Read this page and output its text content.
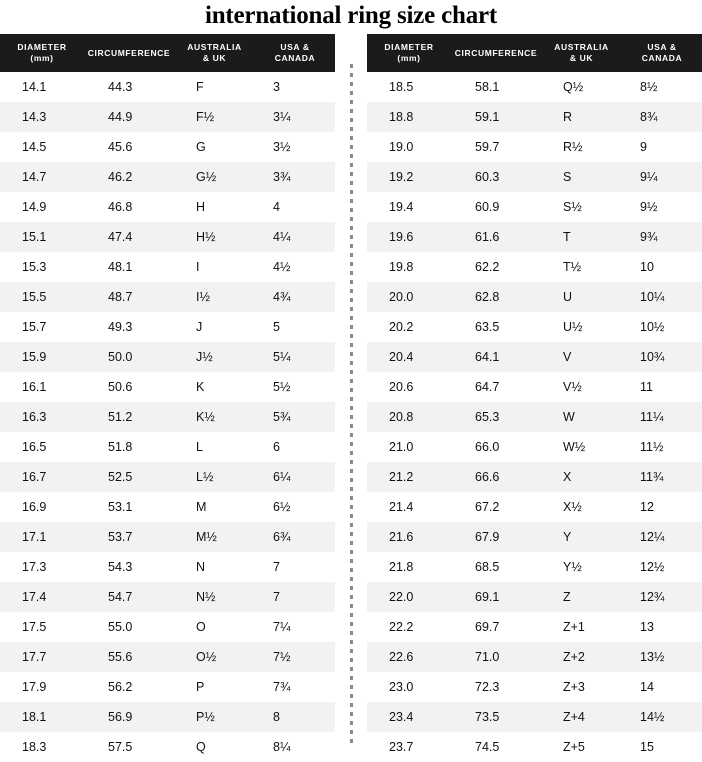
international ring size chart
DIAMETER
(mm)	CIRCUMFERENCE	AUSTRALIA
& UK	USA &
CANADA

14.1	44.3	F	3
14.3	44.9	F½	3¼
14.5	45.6	G	3½
14.7	46.2	G½	3¾
14.9	46.8	H	4
15.1	47.4	H½	4¼
15.3	48.1	I	4½
15.5	48.7	I½	4¾
15.7	49.3	J	5
15.9	50.0	J½	5¼
16.1	50.6	K	5½
16.3	51.2	K½	5¾
16.5	51.8	L	6
16.7	52.5	L½	6¼
16.9	53.1	M	6½
17.1	53.7	M½	6¾
17.3	54.3	N	7
17.4	54.7	N½	7
17.5	55.0	O	7¼
17.7	55.6	O½	7½
17.9	56.2	P	7¾
18.1	56.9	P½	8
18.3	57.5	Q	8¼
DIAMETER
(mm)	CIRCUMFERENCE	AUSTRALIA
& UK	USA &
CANADA

18.5	58.1	Q½	8½
18.8	59.1	R	8¾
19.0	59.7	R½	9
19.2	60.3	S	9¼
19.4	60.9	S½	9½
19.6	61.6	T	9¾
19.8	62.2	T½	10
20.0	62.8	U	10¼
20.2	63.5	U½	10½
20.4	64.1	V	10¾
20.6	64.7	V½	11
20.8	65.3	W	11¼
21.0	66.0	W½	11½
21.2	66.6	X	11¾
21.4	67.2	X½	12
21.6	67.9	Y	12¼
21.8	68.5	Y½	12½
22.0	69.1	Z	12¾
22.2	69.7	Z+1	13
22.6	71.0	Z+2	13½
23.0	72.3	Z+3	14
23.4	73.5	Z+4	14½
23.7	74.5	Z+5	15
